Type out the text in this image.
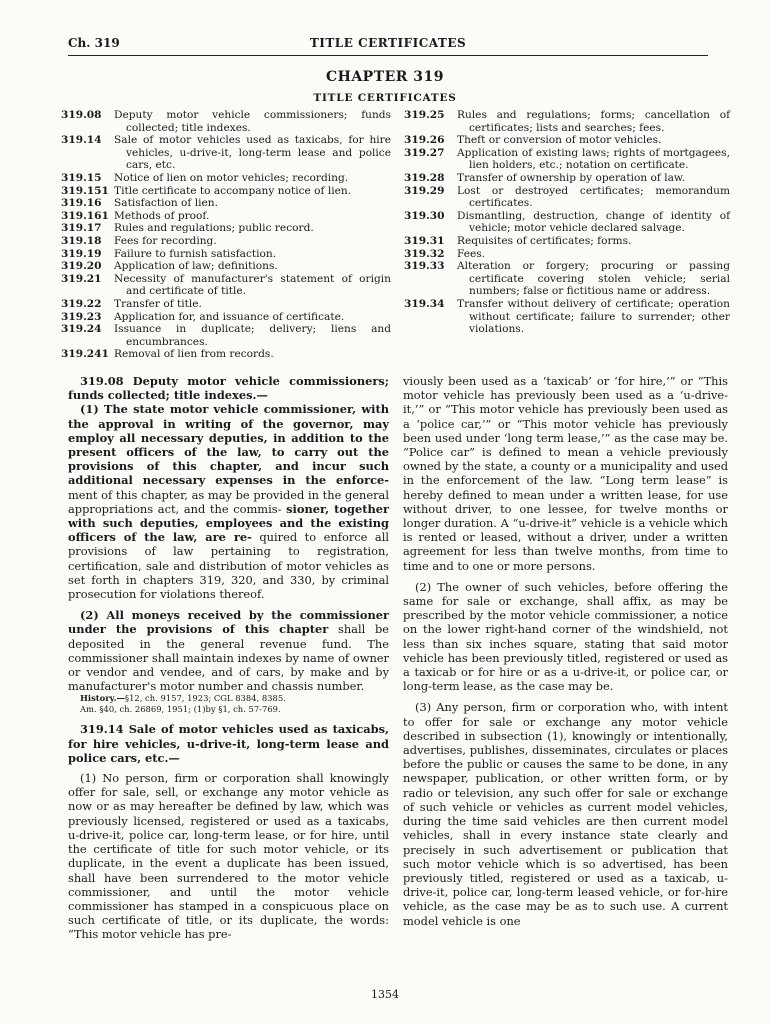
Ch. 319	TITLE CERTIFICATES
CHAPTER 319
TITLE CERTIFICATES
319.08	Deputy motor vehicle commissioners; funds collected; title indexes.
319.14	Sale of motor vehicles used as taxicabs, for hire vehicles, u-drive-it, long-term lease and police cars, etc.
319.15	Notice of lien on motor vehicles; recording.
319.151 Title certificate to accompany notice of lien.
319.16	Satisfaction of lien.
319.161 Methods of proof.
319.17	Rules and regulations; public record.
319.18	Fees for recording.
319.19	Failure to furnish satisfaction.
319.20	Application of law; definitions.
319.21	Necessity of manufacturer's statement of origin and certificate of title.
319.22	Transfer of title.
319.23	Application for, and issuance of certificate.
319.24	Issuance in duplicate; delivery; liens and encumbrances.
319.241 Removal of lien from records.
319.25	Rules and regulations; forms; cancellation of certificates; lists and searches; fees.
319.26	Theft or conversion of motor vehicles.
319.27	Application of existing laws; rights of mortgagees, lien holders, etc.; notation on certificate.
319.28	Transfer of ownership by operation of law.
319.29	Lost or destroyed certificates; memorandum certificates.
319.30	Dismantling, destruction, change of identity of vehicle; motor vehicle declared salvage.
319.31	Requisites of certificates; forms.
319.32	Fees.
319.33	Alteration or forgery; procuring or passing certificate covering stolen vehicle; serial numbers; false or fictitious name or address.
319.34	Transfer without delivery of certificate; operation without certificate; failure to surrender; other violations.

319.08 Deputy motor vehicle commissioners; funds collected; title indexes.—

(1) The state motor vehicle commissioner, with the approval in writing of the governor, may employ all necessary deputies, in addition to the present officers of the law, to carry out the provisions of this chapter, and incur such additional necessary expenses in the enforce- ment of this chapter, as may be provided in the general appropriations act, and the commis- sioner, together with such deputies, employees and the existing officers of the law, are re- quired to enforce all provisions of law pertaining to registration, certification, sale and distribution of motor vehicles as set forth in chapters 319, 320, and 330, by criminal prosecution for violations thereof.

(2) All moneys received by the commissioner under the provisions of this chapter shall be deposited in the general revenue fund. The commissioner shall maintain indexes by name of owner or vendor and vendee, and of cars, by make and by manufacturer's motor number and chassis number.

History.—§12, ch. 9157, 1923; CGL 8384, 8385.
Am. §40, ch. 26869, 1951; (1)by §1, ch. 57-769.

319.14 Sale of motor vehicles used as taxicabs, for hire vehicles, u-drive-it, long-term lease and police cars, etc.—

(1) No person, firm or corporation shall knowingly offer for sale, sell, or exchange any motor vehicle as now or as may hereafter be defined by law, which was previously licensed, registered or used as a taxicabs, u-drive-it, police car, long-term lease, or for hire, until the certificate of title for such motor vehicle, or its duplicate, in the event a duplicate has been issued, shall have been surrendered to the motor vehicle commissioner, and until the motor vehicle commissioner has stamped in a conspicuous place on such certificate of title, or its duplicate, the words: “This motor vehicle has pre-

viously been used as a ‘taxicab’ or ‘for hire,’” or “This motor vehicle has previously been used as a ‘u-drive-it,’” or “This motor vehicle has previously been used as a ‘police car,’” or “This motor vehicle has previously been used under ‘long term lease,’” as the case may be. “Police car” is defined to mean a vehicle previously owned by the state, a county or a municipality and used in the enforcement of the law. “Long term lease” is hereby defined to mean under a written lease, for use without driver, to one lessee, for twelve months or longer duration. A “u-drive-it” vehicle is a vehicle which is rented or leased, without a driver, under a written agreement for less than twelve months, from time to time and to one or more persons.

(2) The owner of such vehicles, before offering the same for sale or exchange, shall affix, as may be prescribed by the motor vehicle commissioner, a notice on the lower right-hand corner of the windshield, not less than six inches square, stating that said motor vehicle has been previously titled, registered or used as a taxicab or for hire or as a u-drive-it, or police car, or long-term lease, as the case may be.

(3) Any person, firm or corporation who, with intent to offer for sale or exchange any motor vehicle described in subsection (1), knowingly or intentionally, advertises, publishes, disseminates, circulates or places before the public or causes the same to be done, in any newspaper, publication, or other written form, or by radio or television, any such offer for sale or exchange of such vehicle or vehicles as current model vehicles, during the time said vehicles are then current model vehicles, shall in every instance state clearly and precisely in such advertisement or publication that such motor vehicle which is so advertised, has been previously titled, registered or used as a taxicab, u-drive-it, police car, long-term leased vehicle, or for-hire vehicle, as the case may be as to such use. A current model vehicle is one

1354
